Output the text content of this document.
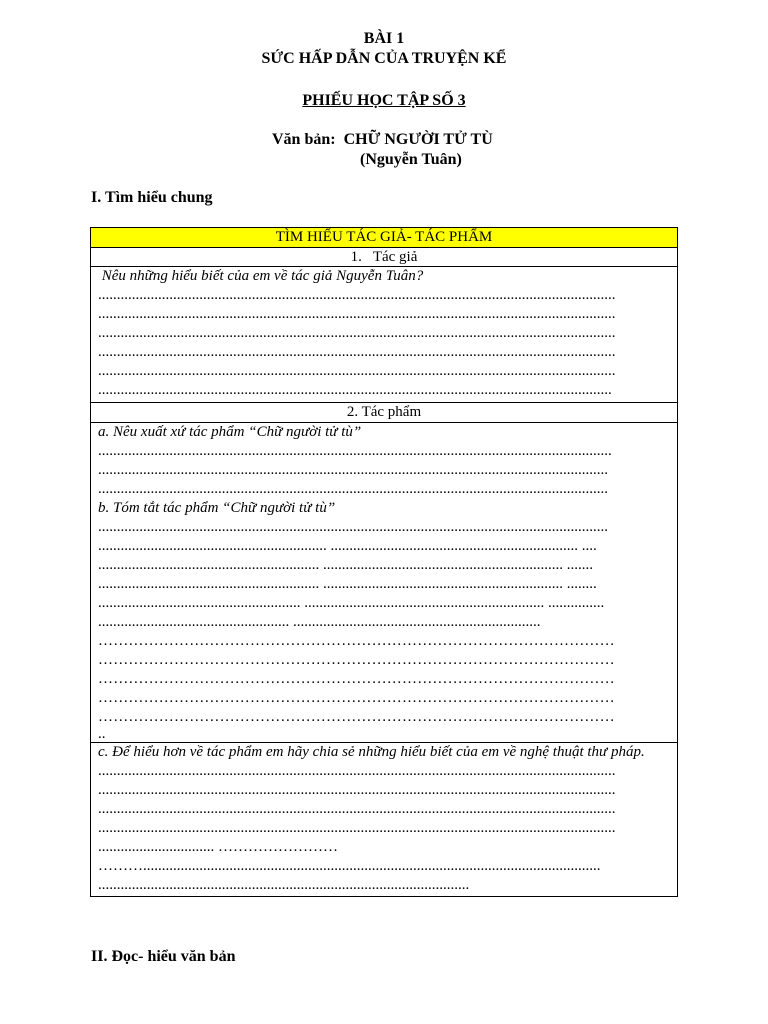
BÀI 1
SỨC HẤP DẪN CỦA TRUYỆN KỂ
PHIẾU HỌC TẬP SỐ 3
Văn bản:  CHỮ NGƯỜI TỬ TÙ
(Nguyễn Tuân)
I. Tìm hiểu chung
TÌM HIỂU TÁC GIẢ- TÁC PHẨM
1.   Tác giả
Nêu những hiểu biết của em về tác giả Nguyễn Tuân?
..........................................................................................................................................
..........................................................................................................................................
..........................................................................................................................................
..........................................................................................................................................
..........................................................................................................................................
.........................................................................................................................................
2. Tác phẩm
a. Nêu xuất xứ tác phẩm “Chữ người tử tù”
.........................................................................................................................................
........................................................................................................................................
........................................................................................................................................
b. Tóm tắt tác phẩm “Chữ người tử tù”
........................................................................................................................................
............................................................. .................................................................. ....
........................................................... ................................................................ .......
........................................................... ................................................................ ........
...................................................... ................................................................ ...............
................................................... ..................................................................
…………………………………………………………………………………………
…………………………………………………………………………………………
…………………………………………………………………………………………
…………………………………………………………………………………………
…………………………………………………………………………………………
..
c. Để hiểu hơn về tác phẩm em hãy chia sẻ những hiểu biết của em về nghệ thuật thư pháp.
..........................................................................................................................................
..........................................................................................................................................
..........................................................................................................................................
..........................................................................................................................................
............................... ……………………
………..........................................................................................................................
...................................................................................................
II. Đọc- hiểu văn bản
